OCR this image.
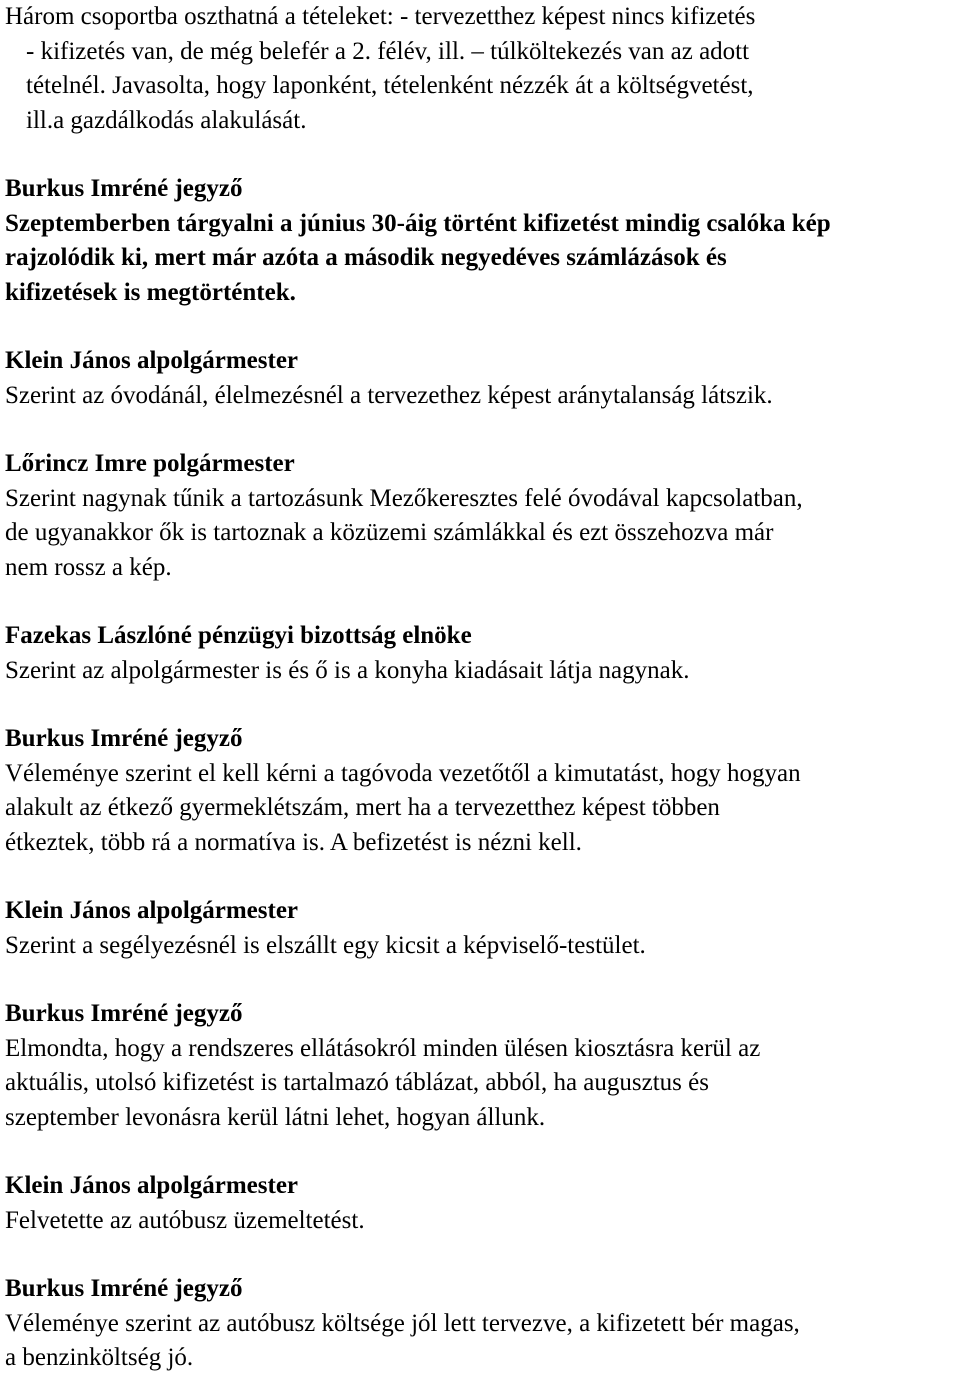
Három csoportba oszthatná a tételeket: - tervezetthez képest nincs kifizetés
- kifizetés van, de még belefér a 2. félév, ill. – túlköltekezés van az adott
tételnél. Javasolta, hogy laponként, tételenként nézzék át a költségvetést,
ill.a gazdálkodás alakulását.

Burkus Imréné jegyző

Szeptemberben tárgyalni a június 30-áig történt kifizetést mindig csalóka kép
rajzolódik ki, mert már azóta a második negyedéves számlázások és
kifizetések is megtörténtek.

Klein János alpolgármester

Szerint az óvodánál, élelmezésnél a tervezethez képest aránytalanság látszik.

Lőrincz Imre polgármester

Szerint nagynak tűnik a tartozásunk Mezőkeresztes felé óvodával kapcsolatban,
de ugyanakkor ők is tartoznak a közüzemi számlákkal és ezt összehozva már
nem rossz a kép.

Fazekas Lászlóné pénzügyi bizottság elnöke

Szerint az alpolgármester is és ő is a konyha kiadásait látja nagynak.

Burkus Imréné jegyző

Véleménye szerint el kell kérni a tagóvoda vezetőtől a kimutatást, hogy hogyan
alakult az étkező gyermeklétszám, mert ha a tervezetthez képest többen
étkeztek, több rá a normatíva is. A befizetést is nézni kell.

Klein János alpolgármester

Szerint a segélyezésnél is elszállt egy kicsit a képviselő-testület.

Burkus Imréné jegyző

Elmondta, hogy a rendszeres ellátásokról minden ülésen kiosztásra kerül az
aktuális, utolsó kifizetést is tartalmazó táblázat, abból, ha augusztus és
szeptember levonásra kerül látni lehet, hogyan állunk.

Klein János alpolgármester

Felvetette az autóbusz üzemeltetést.

Burkus Imréné jegyző

Véleménye szerint az autóbusz költsége jól lett tervezve, a kifizetett bér magas,
a benzinköltség jó.
